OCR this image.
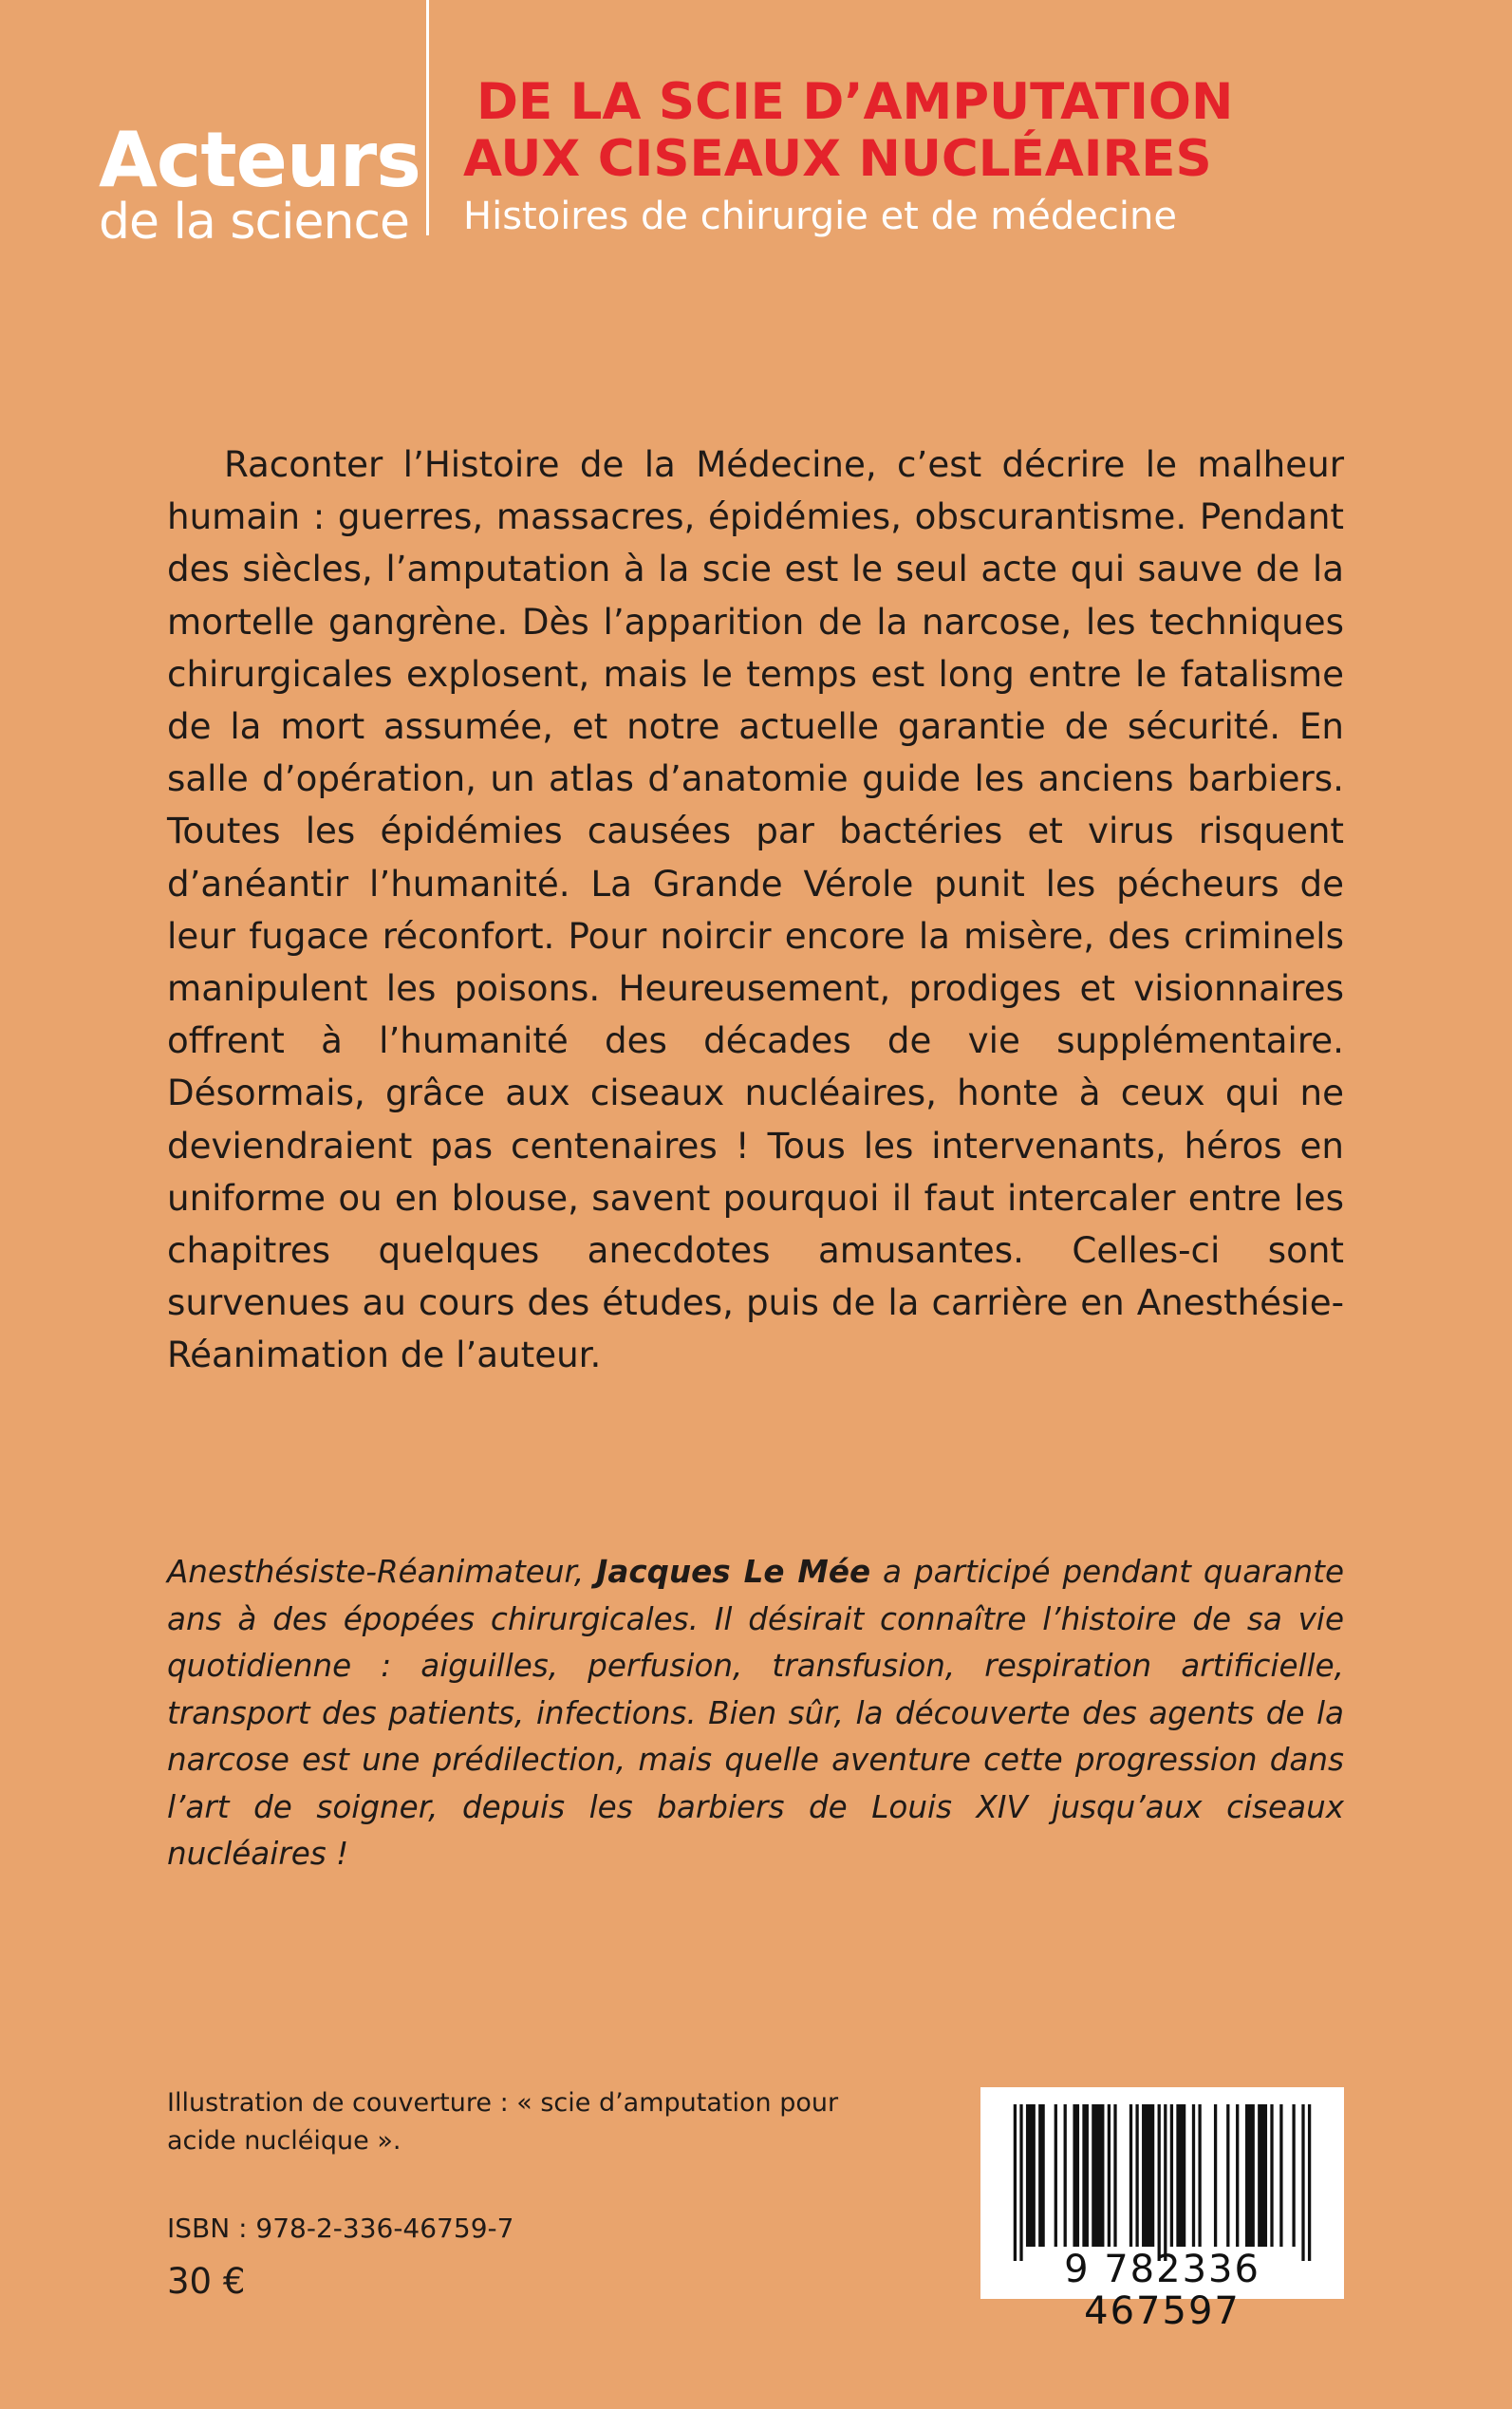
Acteurs
de la science
DE LA SCIE D’AMPUTATION
AUX CISEAUX NUCLÉAIRES
Histoires de chirurgie et de médecine

Raconter l’Histoire de la Médecine, c’est décrire le malheur humain : guerres, massacres, épidémies, obscurantisme. Pendant des siècles, l’amputation à la scie est le seul acte qui sauve de la mortelle gangrène. Dès l’apparition de la narcose, les techniques chirurgicales explosent, mais le temps est long entre le fatalisme de la mort assumée, et notre actuelle garantie de sécurité. En salle d’opération, un atlas d’anatomie guide les anciens barbiers. Toutes les épidémies causées par bactéries et virus risquent d’anéantir l’humanité. La Grande Vérole punit les pécheurs de leur fugace réconfort. Pour noircir encore la misère, des criminels manipulent les poisons. Heureusement, prodiges et visionnaires offrent à l’humanité des décades de vie supplémentaire. Désormais, grâce aux ciseaux nucléaires, honte à ceux qui ne deviendraient pas centenaires ! Tous les intervenants, héros en uniforme ou en blouse, savent pourquoi il faut intercaler entre les chapitres quelques anecdotes amusantes. Celles-ci sont survenues au cours des études, puis de la carrière en Anesthésie-Réanimation de l’auteur.

Anesthésiste-Réanimateur, Jacques Le Mée a participé pendant quarante ans à des épopées chirurgicales. Il désirait connaître l’histoire de sa vie quotidienne : aiguilles, perfusion, transfusion, respiration artificielle, transport des patients, infections. Bien sûr, la découverte des agents de la narcose est une prédilection, mais quelle aventure cette progression dans l’art de soigner, depuis les barbiers de Louis XIV jusqu’aux ciseaux nucléaires !

Illustration de couverture : « scie d’amputation pour acide nucléique ».

ISBN : 978-2-336-46759-7
30 €	9 782336 467597
